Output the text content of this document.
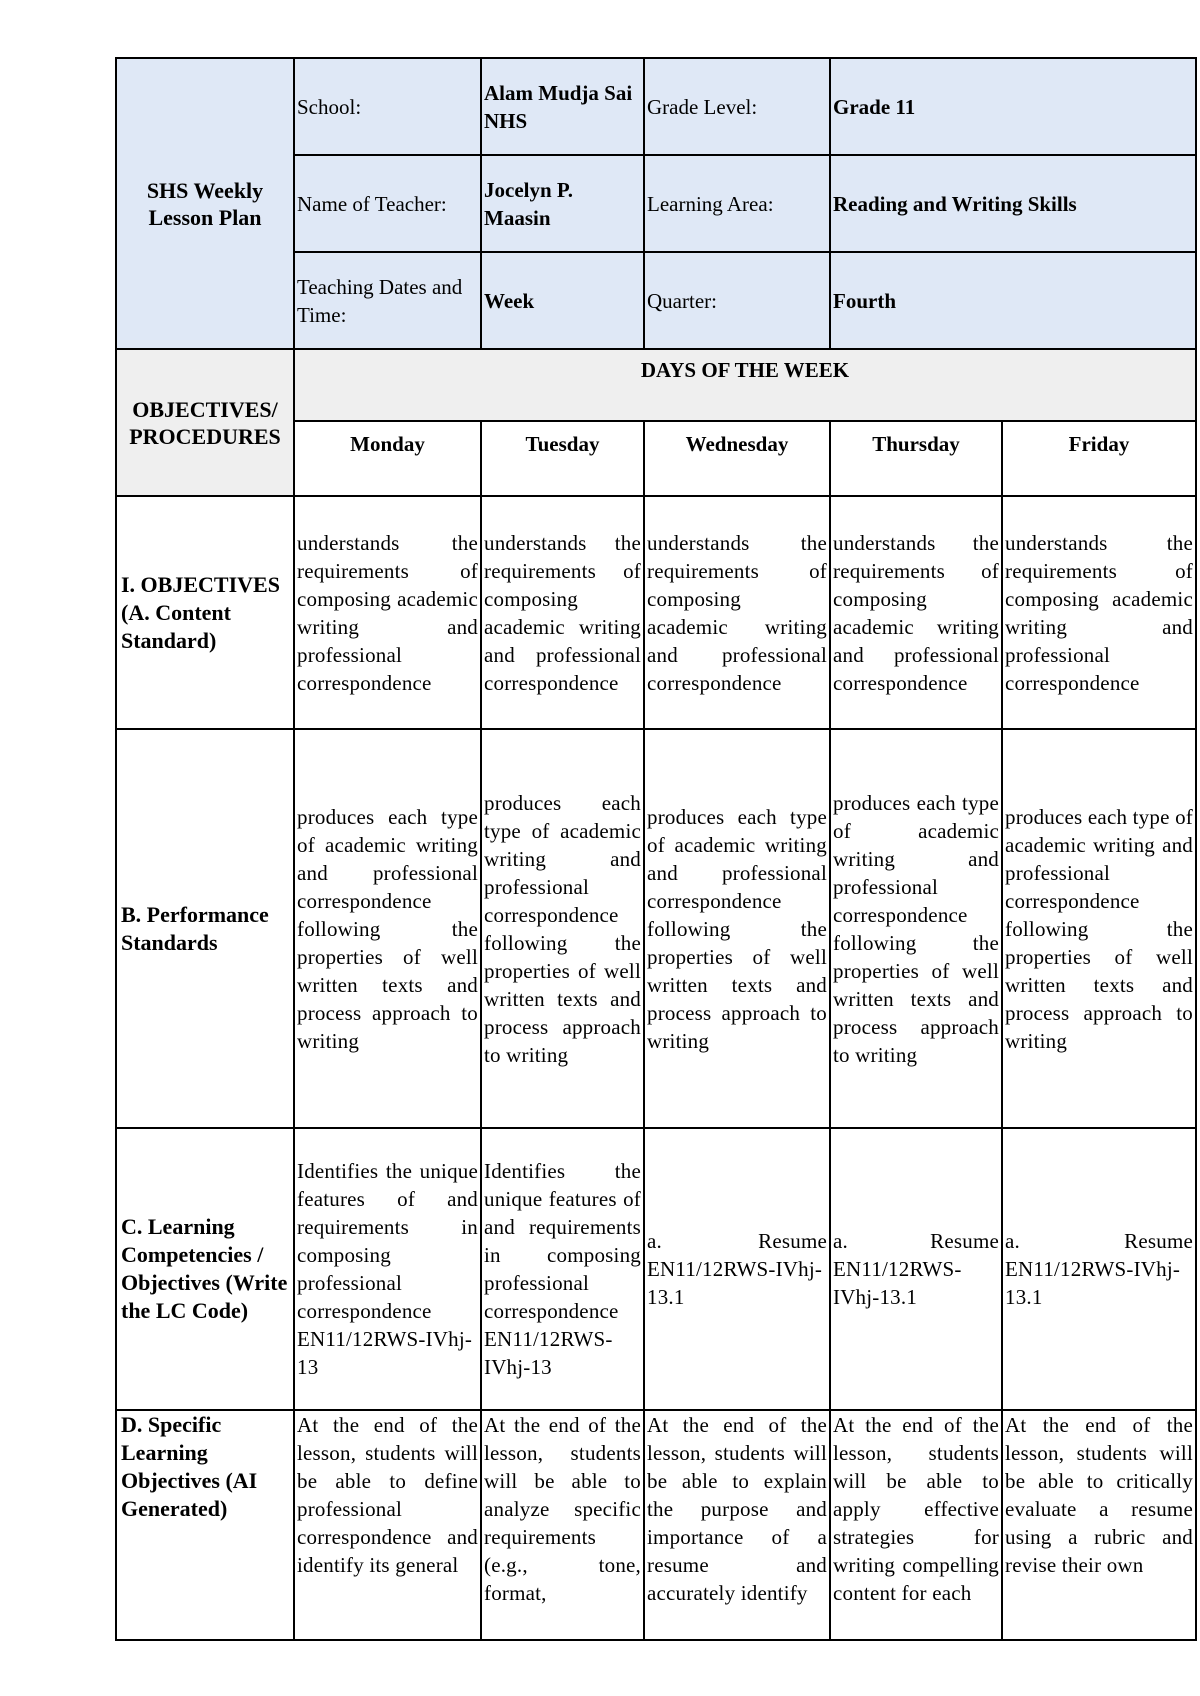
SHS Weekly Lesson Plan	School:	Alam Mudja Sai NHS	Grade Level:	Grade 11	
	Name of Teacher:	Jocelyn P. Maasin	Learning Area:	Reading and Writing Skills	
	Teaching Dates and Time:	Week	Quarter:	Fourth	
OBJECTIVES/ PROCEDURES	DAYS OF THE WEEK				
	Monday	Tuesday	Wednesday	Thursday	Friday
I. OBJECTIVES (A. Content Standard)	understands the requirements of composing academic writing and professional correspondence	understands the requirements of composing academic writing and professional correspondence	understands the requirements of composing academic writing and professional correspondence	understands the requirements of composing academic writing and professional correspondence	understands the requirements of composing academic writing and professional correspondence
B. Performance Standards	produces each type of academic writing and professional correspondence following the properties of well written texts and process approach to writing	produces each type of academic writing and professional correspondence following the properties of well written texts and process approach to writing	produces each type of academic writing and professional correspondence following the properties of well written texts and process approach to writing	produces each type of academic writing and professional correspondence following the properties of well written texts and process approach to writing	produces each type of academic writing and professional correspondence following the properties of well written texts and process approach to writing
C. Learning Competencies / Objectives (Write the LC Code)	Identifies the unique features of and requirements in composing professional correspondence EN11/12RWS-IVhj-13	Identifies the unique features of and requirements in composing professional correspondence EN11/12RWS-IVhj-13	a. Resume EN11/12RWS-IVhj-13.1	a. Resume EN11/12RWS-IVhj-13.1	a. Resume EN11/12RWS-IVhj-13.1
D. Specific Learning Objectives (AI Generated)	At the end of the lesson, students will be able to define professional correspondence and identify its general	At the end of the lesson, students will be able to analyze specific requirements (e.g., tone, format,	At the end of the lesson, students will be able to explain the purpose and importance of a resume and accurately identify	At the end of the lesson, students will be able to apply effective strategies for writing compelling content for each	At the end of the lesson, students will be able to critically evaluate a resume using a rubric and revise their own
